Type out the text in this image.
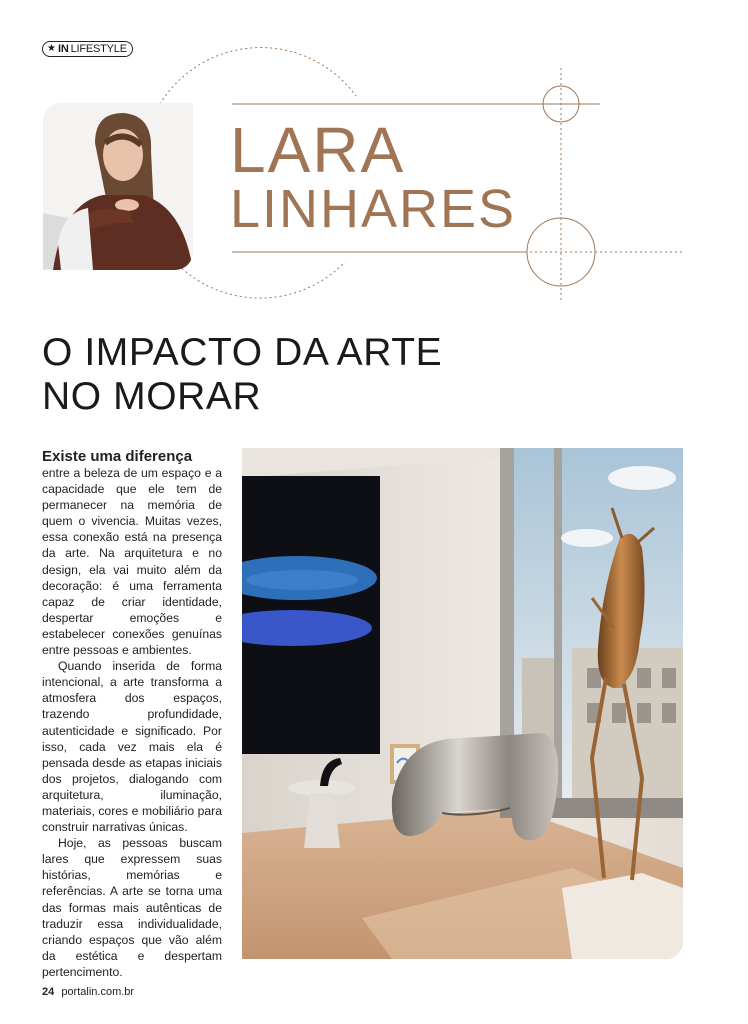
★ IN LIFESTYLE
LARA
LINHARES
O IMPACTO DA ARTE
NO MORAR

Existe uma diferença
entre a beleza de um espaço e a capacidade que ele tem de permanecer na memória de quem o vivencia. Muitas vezes, essa conexão está na presença da arte. Na arquitetura e no design, ela vai muito além da decoração: é uma ferramenta capaz de criar identidade, despertar emoções e estabelecer conexões genuínas entre pessoas e ambientes.

Quando inserida de forma intencional, a arte transforma a atmosfera dos espaços, trazendo profundidade, autenticidade e significado. Por isso, cada vez mais ela é pensada desde as etapas iniciais dos projetos, dialogando com arquitetura, iluminação, materiais, cores e mobiliário para construir narrativas únicas.

Hoje, as pessoas buscam lares que expressem suas histórias, memórias e referências. A arte se torna uma das formas mais autênticas de traduzir essa individualidade, criando espaços que vão além da estética e despertam pertencimento.

24 portalin.com.br
